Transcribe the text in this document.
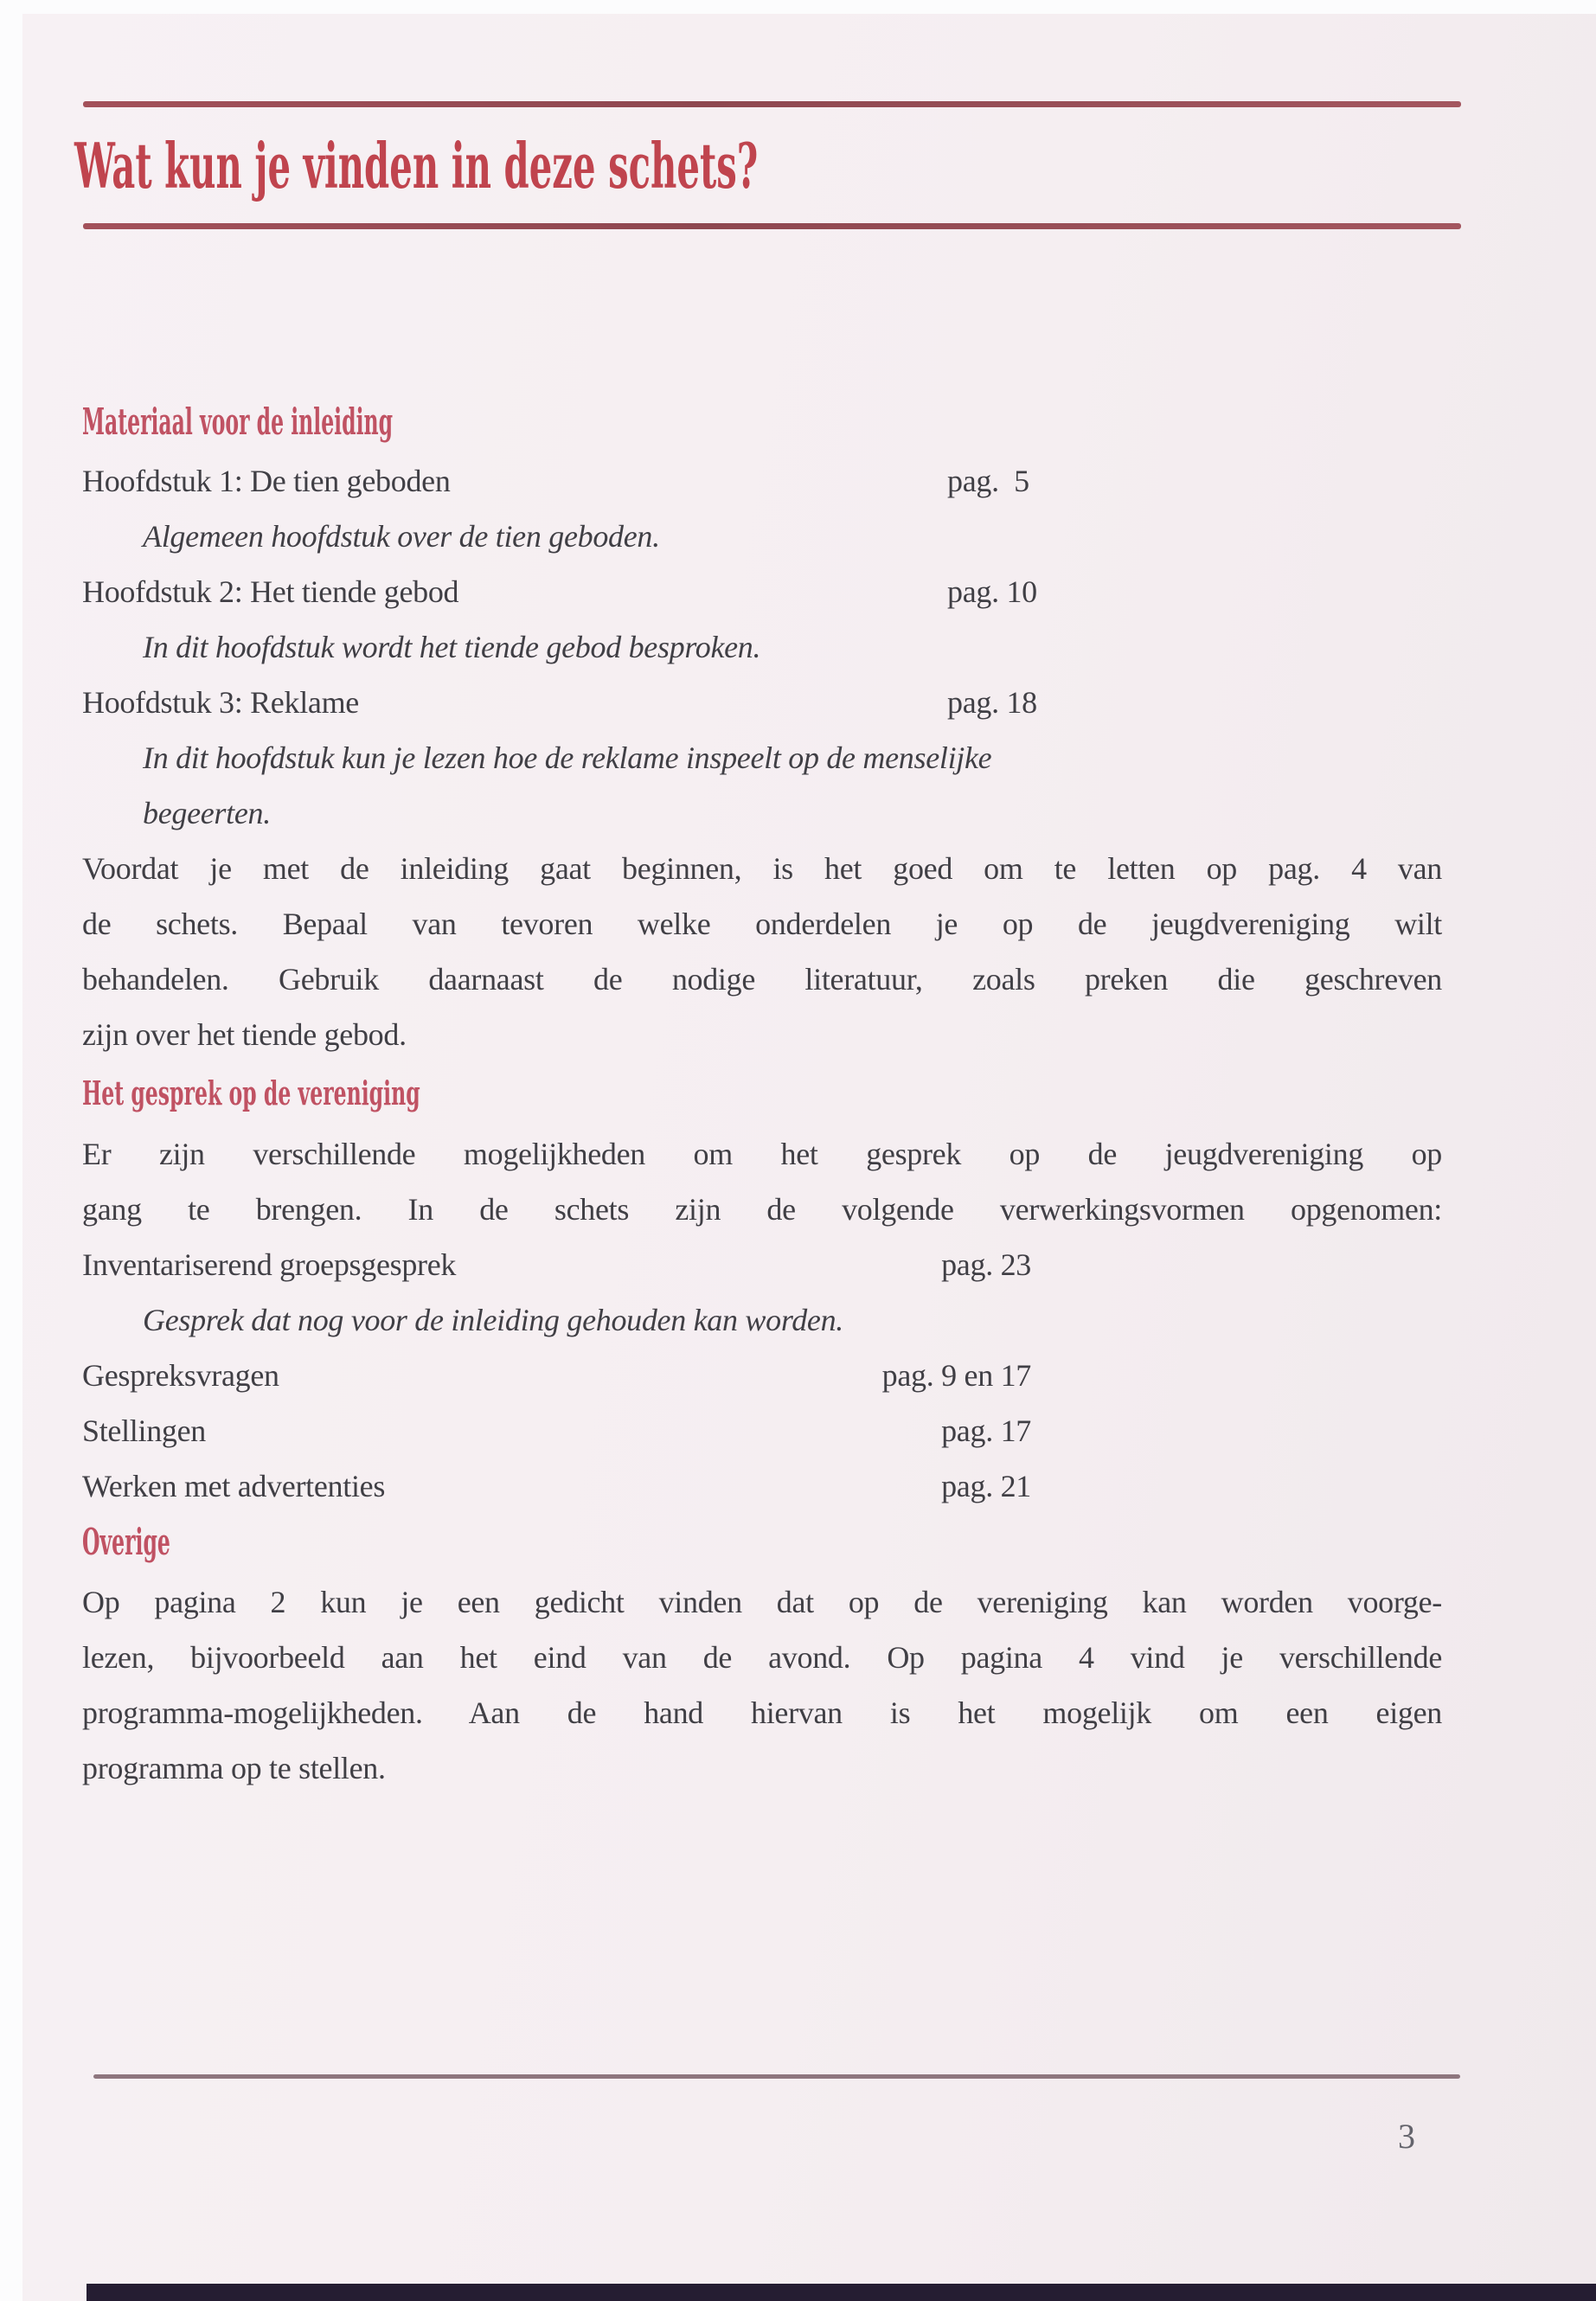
Wat kun je vinden in deze schets?
Materiaal voor de inleiding
Hoofdstuk 1: De tien geboden	pag.  5
Algemeen hoofdstuk over de tien geboden.
Hoofdstuk 2: Het tiende gebod	pag. 10
In dit hoofdstuk wordt het tiende gebod besproken.
Hoofdstuk 3: Reklame	pag. 18
In dit hoofdstuk kun je lezen hoe de reklame inspeelt op de menselijke
begeerten.
Voordat je met de inleiding gaat beginnen, is het goed om te letten op pag. 4 van
de schets. Bepaal van tevoren welke onderdelen je op de jeugdvereniging wilt
behandelen. Gebruik daarnaast de nodige literatuur, zoals preken die geschreven
zijn over het tiende gebod.
Het gesprek op de vereniging
Er zijn verschillende mogelijkheden om het gesprek op de jeugdvereniging op
gang te brengen. In de schets zijn de volgende verwerkingsvormen opgenomen:
Inventariserend groepsgesprek	pag. 23
Gesprek dat nog voor de inleiding gehouden kan worden.
Gespreksvragen	pag. 9 en 17
Stellingen	pag. 17
Werken met advertenties	pag. 21
Overige
Op pagina 2 kun je een gedicht vinden dat op de vereniging kan worden voorge-
lezen, bijvoorbeeld aan het eind van de avond. Op pagina 4 vind je verschillende
programma-mogelijkheden. Aan de hand hiervan is het mogelijk om een eigen
programma op te stellen.
3
